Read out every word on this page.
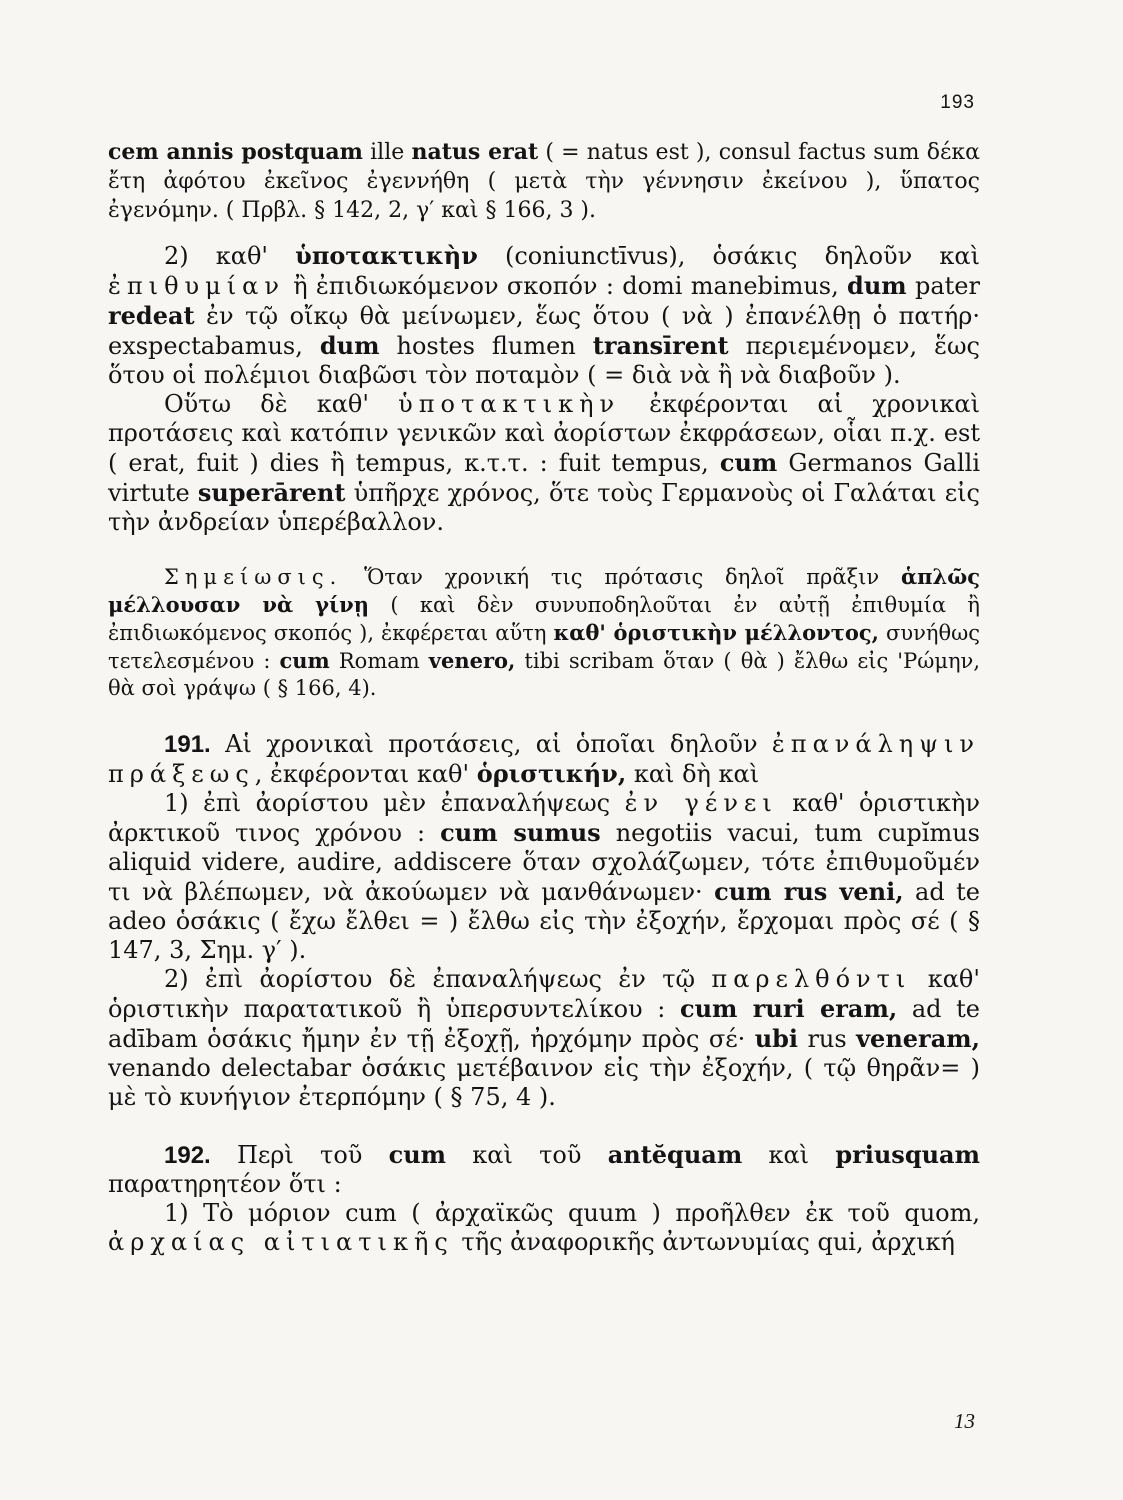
193

cem annis postquam ille natus erat ( = natus est ), consul factus sum δέκα ἔτη ἀφότου ἐκεῖνος ἐγεννήθη ( μετὰ τὴν γέννησιν ἐκείνου ), ὕπατος ἐγενόμην. ( Πρβλ. § 142, 2, γ′ καὶ § 166, 3 ).

2) καθ' ὑποτακτικὴν (coniunctīvus), ὁσάκις δηλοῦν καὶ ἐπιθυμίαν ἢ ἐπιδιωκόμενον σκοπόν : domi manebimus, dum pater redeat ἐν τῷ οἴκῳ θὰ μείνωμεν, ἕως ὅτου ( νὰ ) ἐπανέλθῃ ὁ πατήρ· exspectabamus, dum hostes flumen transīrent περιεμένομεν, ἕως ὅτου οἱ πολέμιοι διαβῶσι τὸν ποταμὸν ( = διὰ νὰ ἢ νὰ διαβοῦν ).

Οὕτω δὲ καθ' ὑποτακτικὴν ἐκφέρονται αἱ χρονικαὶ προτάσεις καὶ κατόπιν γενικῶν καὶ ἀορίστων ἐκφράσεων, οἷαι π.χ. est ( erat, fuit ) dies ἢ tempus, κ.τ.τ. : fuit tempus, cum Germanos Galli virtute superārent ὑπῆρχε χρόνος, ὅτε τοὺς Γερμανοὺς οἱ Γαλάται εἰς τὴν ἀνδρείαν ὑπερέβαλλον.

Σημείωσις. Ὅταν χρονική τις πρότασις δηλοῖ πρᾶξιν ἁπλῶς μέλλουσαν νὰ γίνῃ ( καὶ δὲν συνυποδηλοῦται ἐν αὐτῇ ἐπιθυμία ἢ ἐπιδιωκόμενος σκοπός ), ἐκφέρεται αὕτη καθ' ὁριστικὴν μέλλοντος, συνήθως τετελεσμένου : cum Romam venero, tibi scribam ὅταν ( θὰ ) ἔλθω εἰς 'Ρώμην, θὰ σοὶ γράψω ( § 166, 4).

191. Αἱ χρονικαὶ προτάσεις, αἱ ὁποῖαι δηλοῦν ἐπανάληψιν πράξεως, ἐκφέρονται καθ' ὁριστικήν, καὶ δὴ καὶ

1) ἐπὶ ἀορίστου μὲν ἐπαναλήψεως ἐν γένει καθ' ὁριστικὴν ἀρκτικοῦ τινος χρόνου : cum sumus negotiis vacui, tum cupĭmus aliquid videre, audire, addiscere ὅταν σχολάζωμεν, τότε ἐπιθυμοῦμέν τι νὰ βλέπωμεν, νὰ ἀκούωμεν νὰ μανθάνωμεν· cum rus veni, ad te adeo ὁσάκις ( ἔχω ἔλθει = ) ἔλθω εἰς τὴν ἐξοχήν, ἔρχομαι πρὸς σέ ( § 147, 3, Σημ. γ′ ).

2) ἐπὶ ἀορίστου δὲ ἐπαναλήψεως ἐν τῷ παρελθόντι καθ' ὁριστικὴν παρατατικοῦ ἢ ὑπερσυντελίκου : cum ruri eram, ad te adībam ὁσάκις ἤμην ἐν τῇ ἐξοχῇ, ἠρχόμην πρὸς σέ· ubi rus veneram, venando delectabar ὁσάκις μετέβαινον εἰς τὴν ἐξοχήν, ( τῷ θηρᾶν= ) μὲ τὸ κυνήγιον ἐτερπόμην ( § 75, 4 ).

192. Περὶ τοῦ cum καὶ τοῦ antĕquam καὶ priusquam παρατηρητέον ὅτι :

1) Τὸ μόριον cum ( ἀρχαϊκῶς quum ) προῆλθεν ἐκ τοῦ quom, ἀρχαίας αἰτιατικῆς τῆς ἀναφορικῆς ἀντωνυμίας qui, ἀρχική

13
